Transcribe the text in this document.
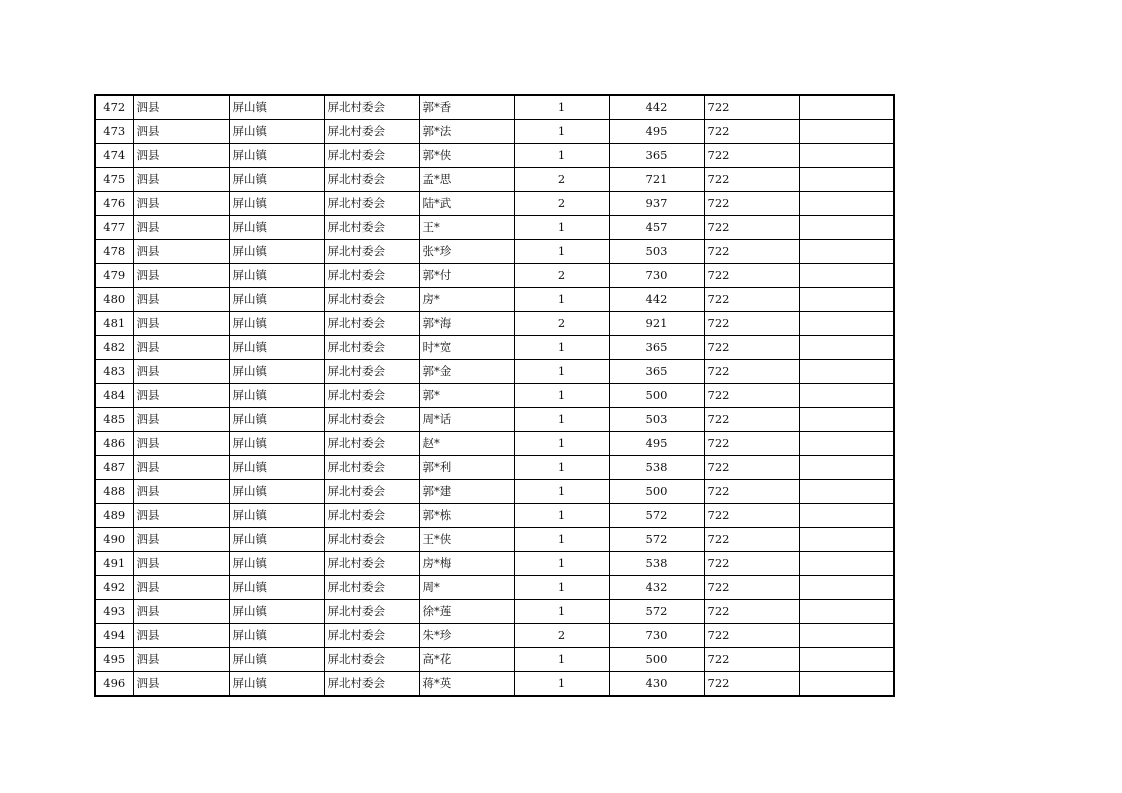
472	泗县	屏山镇	屏北村委会	郭*香	1	442	722	
473	泗县	屏山镇	屏北村委会	郭*法	1	495	722	
474	泗县	屏山镇	屏北村委会	郭*侠	1	365	722	
475	泗县	屏山镇	屏北村委会	孟*思	2	721	722	
476	泗县	屏山镇	屏北村委会	陆*武	2	937	722	
477	泗县	屏山镇	屏北村委会	王*	1	457	722	
478	泗县	屏山镇	屏北村委会	张*珍	1	503	722	
479	泗县	屏山镇	屏北村委会	郭*付	2	730	722	
480	泗县	屏山镇	屏北村委会	房*	1	442	722	
481	泗县	屏山镇	屏北村委会	郭*海	2	921	722	
482	泗县	屏山镇	屏北村委会	时*宽	1	365	722	
483	泗县	屏山镇	屏北村委会	郭*金	1	365	722	
484	泗县	屏山镇	屏北村委会	郭*	1	500	722	
485	泗县	屏山镇	屏北村委会	周*话	1	503	722	
486	泗县	屏山镇	屏北村委会	赵*	1	495	722	
487	泗县	屏山镇	屏北村委会	郭*利	1	538	722	
488	泗县	屏山镇	屏北村委会	郭*建	1	500	722	
489	泗县	屏山镇	屏北村委会	郭*栋	1	572	722	
490	泗县	屏山镇	屏北村委会	王*侠	1	572	722	
491	泗县	屏山镇	屏北村委会	房*梅	1	538	722	
492	泗县	屏山镇	屏北村委会	周*	1	432	722	
493	泗县	屏山镇	屏北村委会	徐*莲	1	572	722	
494	泗县	屏山镇	屏北村委会	朱*珍	2	730	722	
495	泗县	屏山镇	屏北村委会	高*花	1	500	722	
496	泗县	屏山镇	屏北村委会	蒋*英	1	430	722	
